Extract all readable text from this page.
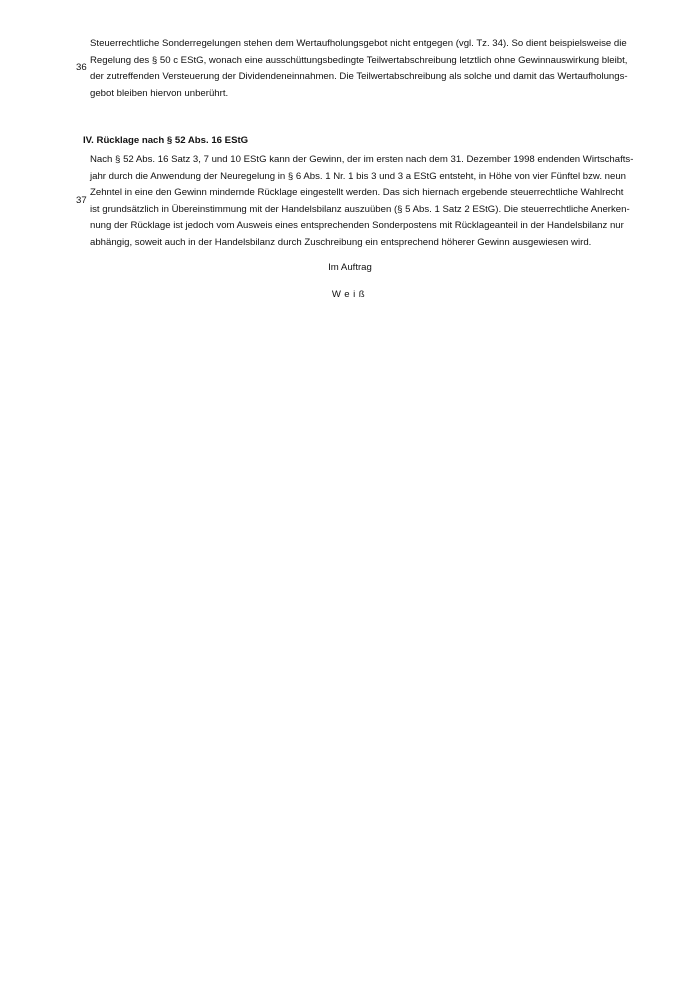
36
Steuerrechtliche Sonderregelungen stehen dem Wertaufholungsgebot nicht entgegen (vgl. Tz. 34). So dient beispielsweise die
Regelung des § 50 c EStG, wonach eine ausschüttungsbedingte Teilwertabschreibung letztlich ohne Gewinnauswirkung bleibt,
der zutreffenden Versteuerung der Dividendeneinnahmen. Die Teilwertabschreibung als solche und damit das Wertaufholungs-
gebot bleiben hiervon unberührt.
IV. Rücklage nach § 52 Abs. 16 EStG
37
Nach § 52 Abs. 16 Satz 3, 7 und 10 EStG kann der Gewinn, der im ersten nach dem 31. Dezember 1998 endenden Wirtschafts-
jahr durch die Anwendung der Neuregelung in § 6 Abs. 1 Nr. 1 bis 3 und 3 a EStG entsteht, in Höhe von vier Fünftel bzw. neun
Zehntel in eine den Gewinn mindernde Rücklage eingestellt werden. Das sich hiernach ergebende steuerrechtliche Wahlrecht
ist grundsätzlich in Übereinstimmung mit der Handelsbilanz auszuüben (§ 5 Abs. 1 Satz 2 EStG). Die steuerrechtliche Anerken-
nung der Rücklage ist jedoch vom Ausweis eines entsprechenden Sonderpostens mit Rücklageanteil in der Handelsbilanz nur
abhängig, soweit auch in der Handelsbilanz durch Zuschreibung ein entsprechend höherer Gewinn ausgewiesen wird.
Im Auftrag
Weiß
